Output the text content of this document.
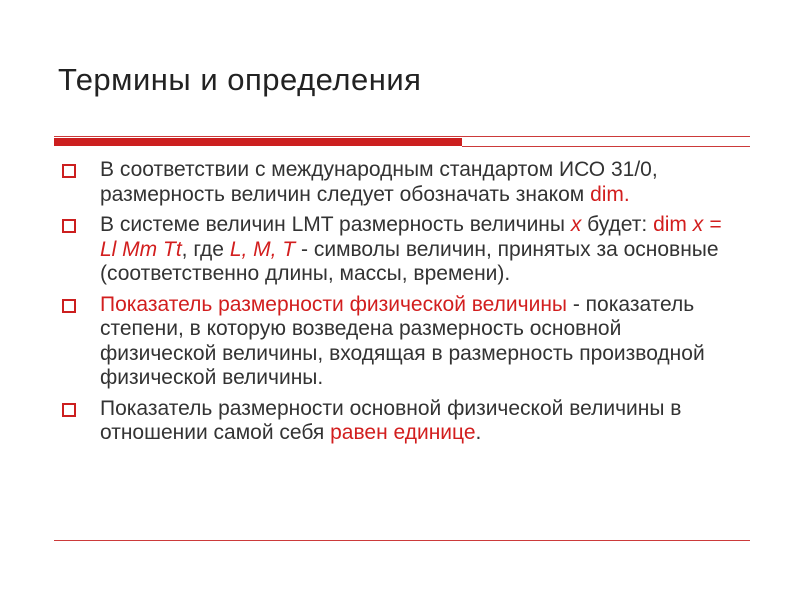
Термины и определения
В соответствии с международным стандартом ИСО 31/0, размерность величин следует обозначать знаком dim.
В системе величин LMT размерность величины x будет: dim x = Ll Mm Tt, где L, M, T - символы величин, принятых за основные (соответственно длины, массы, времени).
Показатель размерности физической величины - показатель степени, в которую возведена размерность основной физической величины, входящая в размерность производной физической величины.
Показатель размерности основной физической величины в отношении самой себя равен единице.
